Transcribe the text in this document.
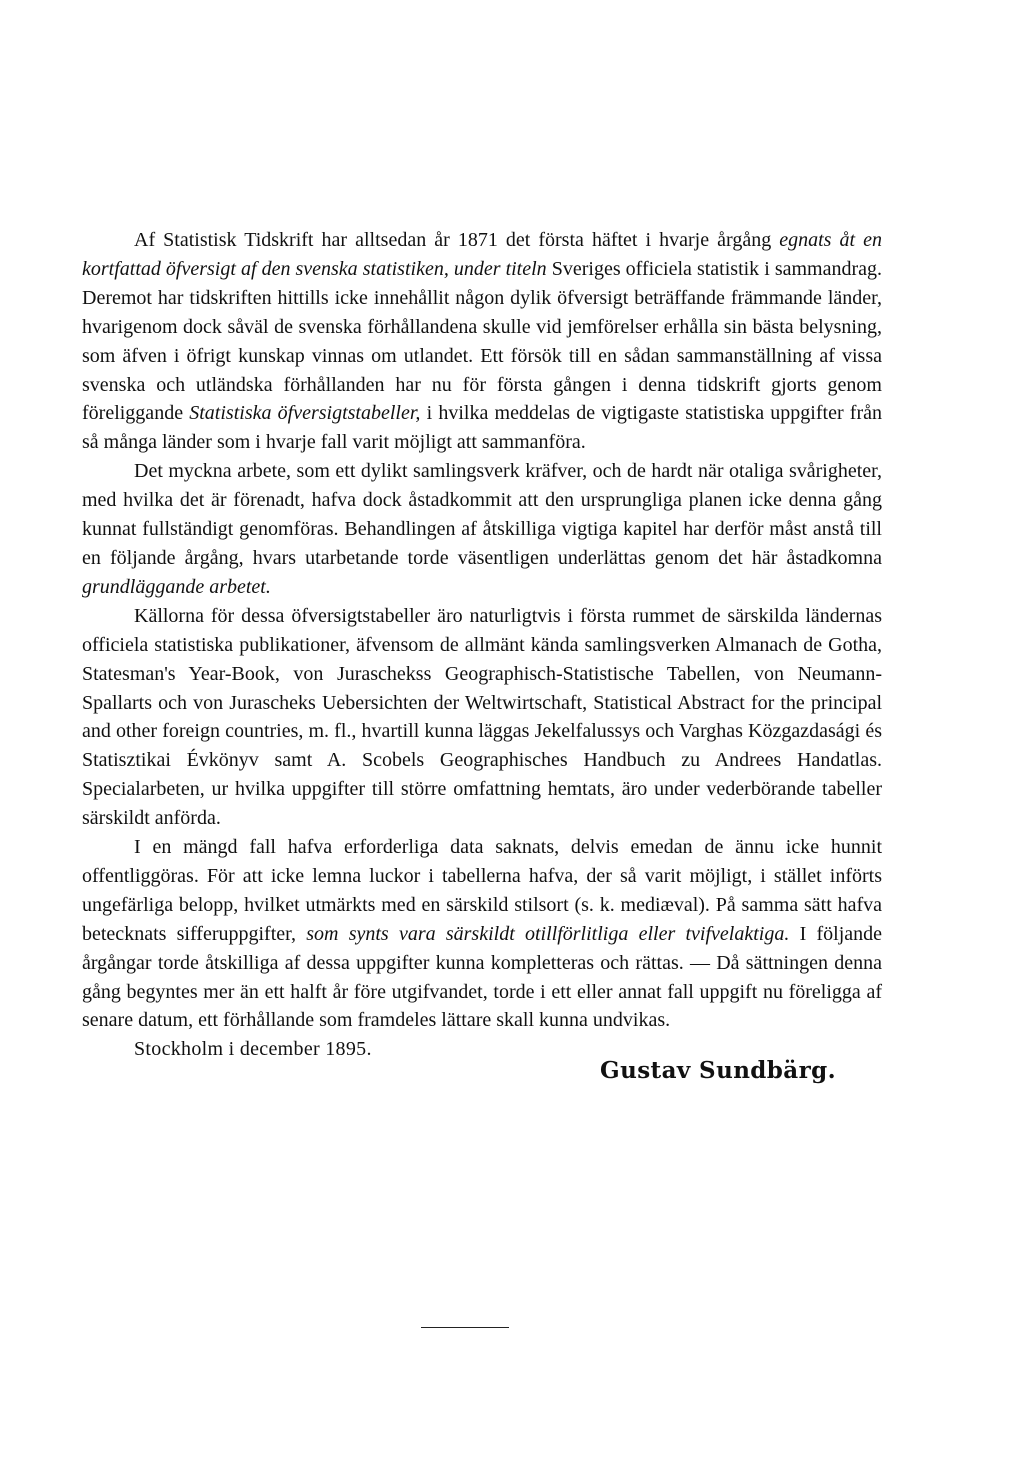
Af Statistisk Tidskrift har alltsedan år 1871 det första häftet i hvarje årgång egnats åt en kortfattad öfversigt af den svenska statistiken, under titeln Sveriges officiela statistik i sammandrag. Deremot har tidskriften hittills icke innehållit någon dylik öfversigt beträffande främmande länder, hvarigenom dock såväl de svenska förhållandena skulle vid jemförelser erhålla sin bästa belysning, som äfven i öfrigt kunskap vinnas om utlandet. Ett försök till en sådan sammanställning af vissa svenska och utländska förhållanden har nu för första gången i denna tidskrift gjorts genom föreliggande Statistiska öfversigtstabeller, i hvilka meddelas de vigtigaste statistiska uppgifter från så många länder som i hvarje fall varit möjligt att sammanföra.

Det myckna arbete, som ett dylikt samlingsverk kräfver, och de hardt när otaliga svårigheter, med hvilka det är förenadt, hafva dock åstadkommit att den ursprungliga planen icke denna gång kunnat fullständigt genomföras. Behandlingen af åtskilliga vigtiga kapitel har derför måst anstå till en följande årgång, hvars utarbetande torde väsentligen underlättas genom det här åstadkomna grundläggande arbetet.

Källorna för dessa öfversigtstabeller äro naturligtvis i första rummet de särskilda ländernas officiela statistiska publikationer, äfvensom de allmänt kända samlingsverken Almanach de Gotha, Statesman's Year-Book, von Juraschekss Geographisch-Statistische Tabellen, von Neumann-Spallarts och von Jurascheks Uebersichten der Weltwirtschaft, Statistical Abstract for the principal and other foreign countries, m. fl., hvartill kunna läggas Jekelfalussys och Varghas Közgazdasági és Statisztikai Évkönyv samt A. Scobels Geographisches Handbuch zu Andrees Handatlas. Specialarbeten, ur hvilka uppgifter till större omfattning hemtats, äro under vederbörande tabeller särskildt anförda.

I en mängd fall hafva erforderliga data saknats, delvis emedan de ännu icke hunnit offentliggöras. För att icke lemna luckor i tabellerna hafva, der så varit möjligt, i stället införts ungefärliga belopp, hvilket utmärkts med en särskild stilsort (s. k. mediæval). På samma sätt hafva betecknats sifferuppgifter, som synts vara särskildt otillförlitliga eller tvifvelaktiga. I följande årgångar torde åtskilliga af dessa uppgifter kunna kompletteras och rättas. — Då sättningen denna gång begyntes mer än ett halft år före utgifvandet, torde i ett eller annat fall uppgift nu föreligga af senare datum, ett förhållande som framdeles lättare skall kunna undvikas.

Stockholm i december 1895.
Gustav Sundbärg.
